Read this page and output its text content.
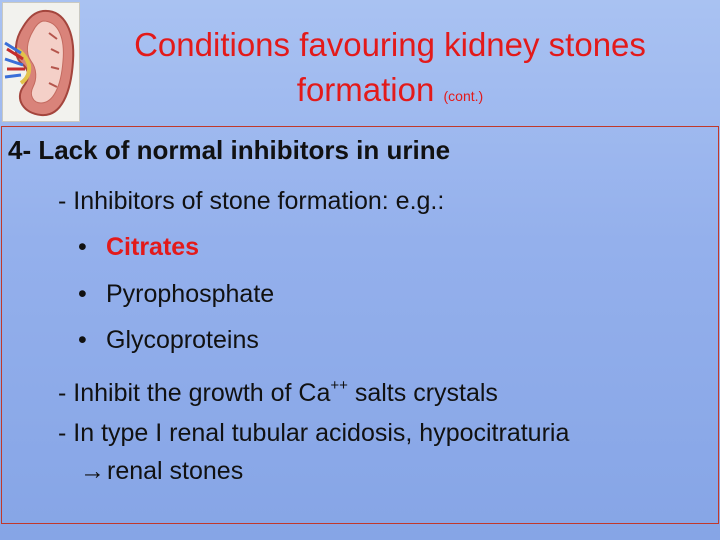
Conditions favouring kidney stones
formation (cont.)
4- Lack of normal inhibitors in urine
- Inhibitors of stone formation: e.g.:
• Citrates
• Pyrophosphate
• Glycoproteins
- Inhibit the growth of Ca++ salts crystals
- In type I renal tubular acidosis, hypocitraturia
→renal stones
